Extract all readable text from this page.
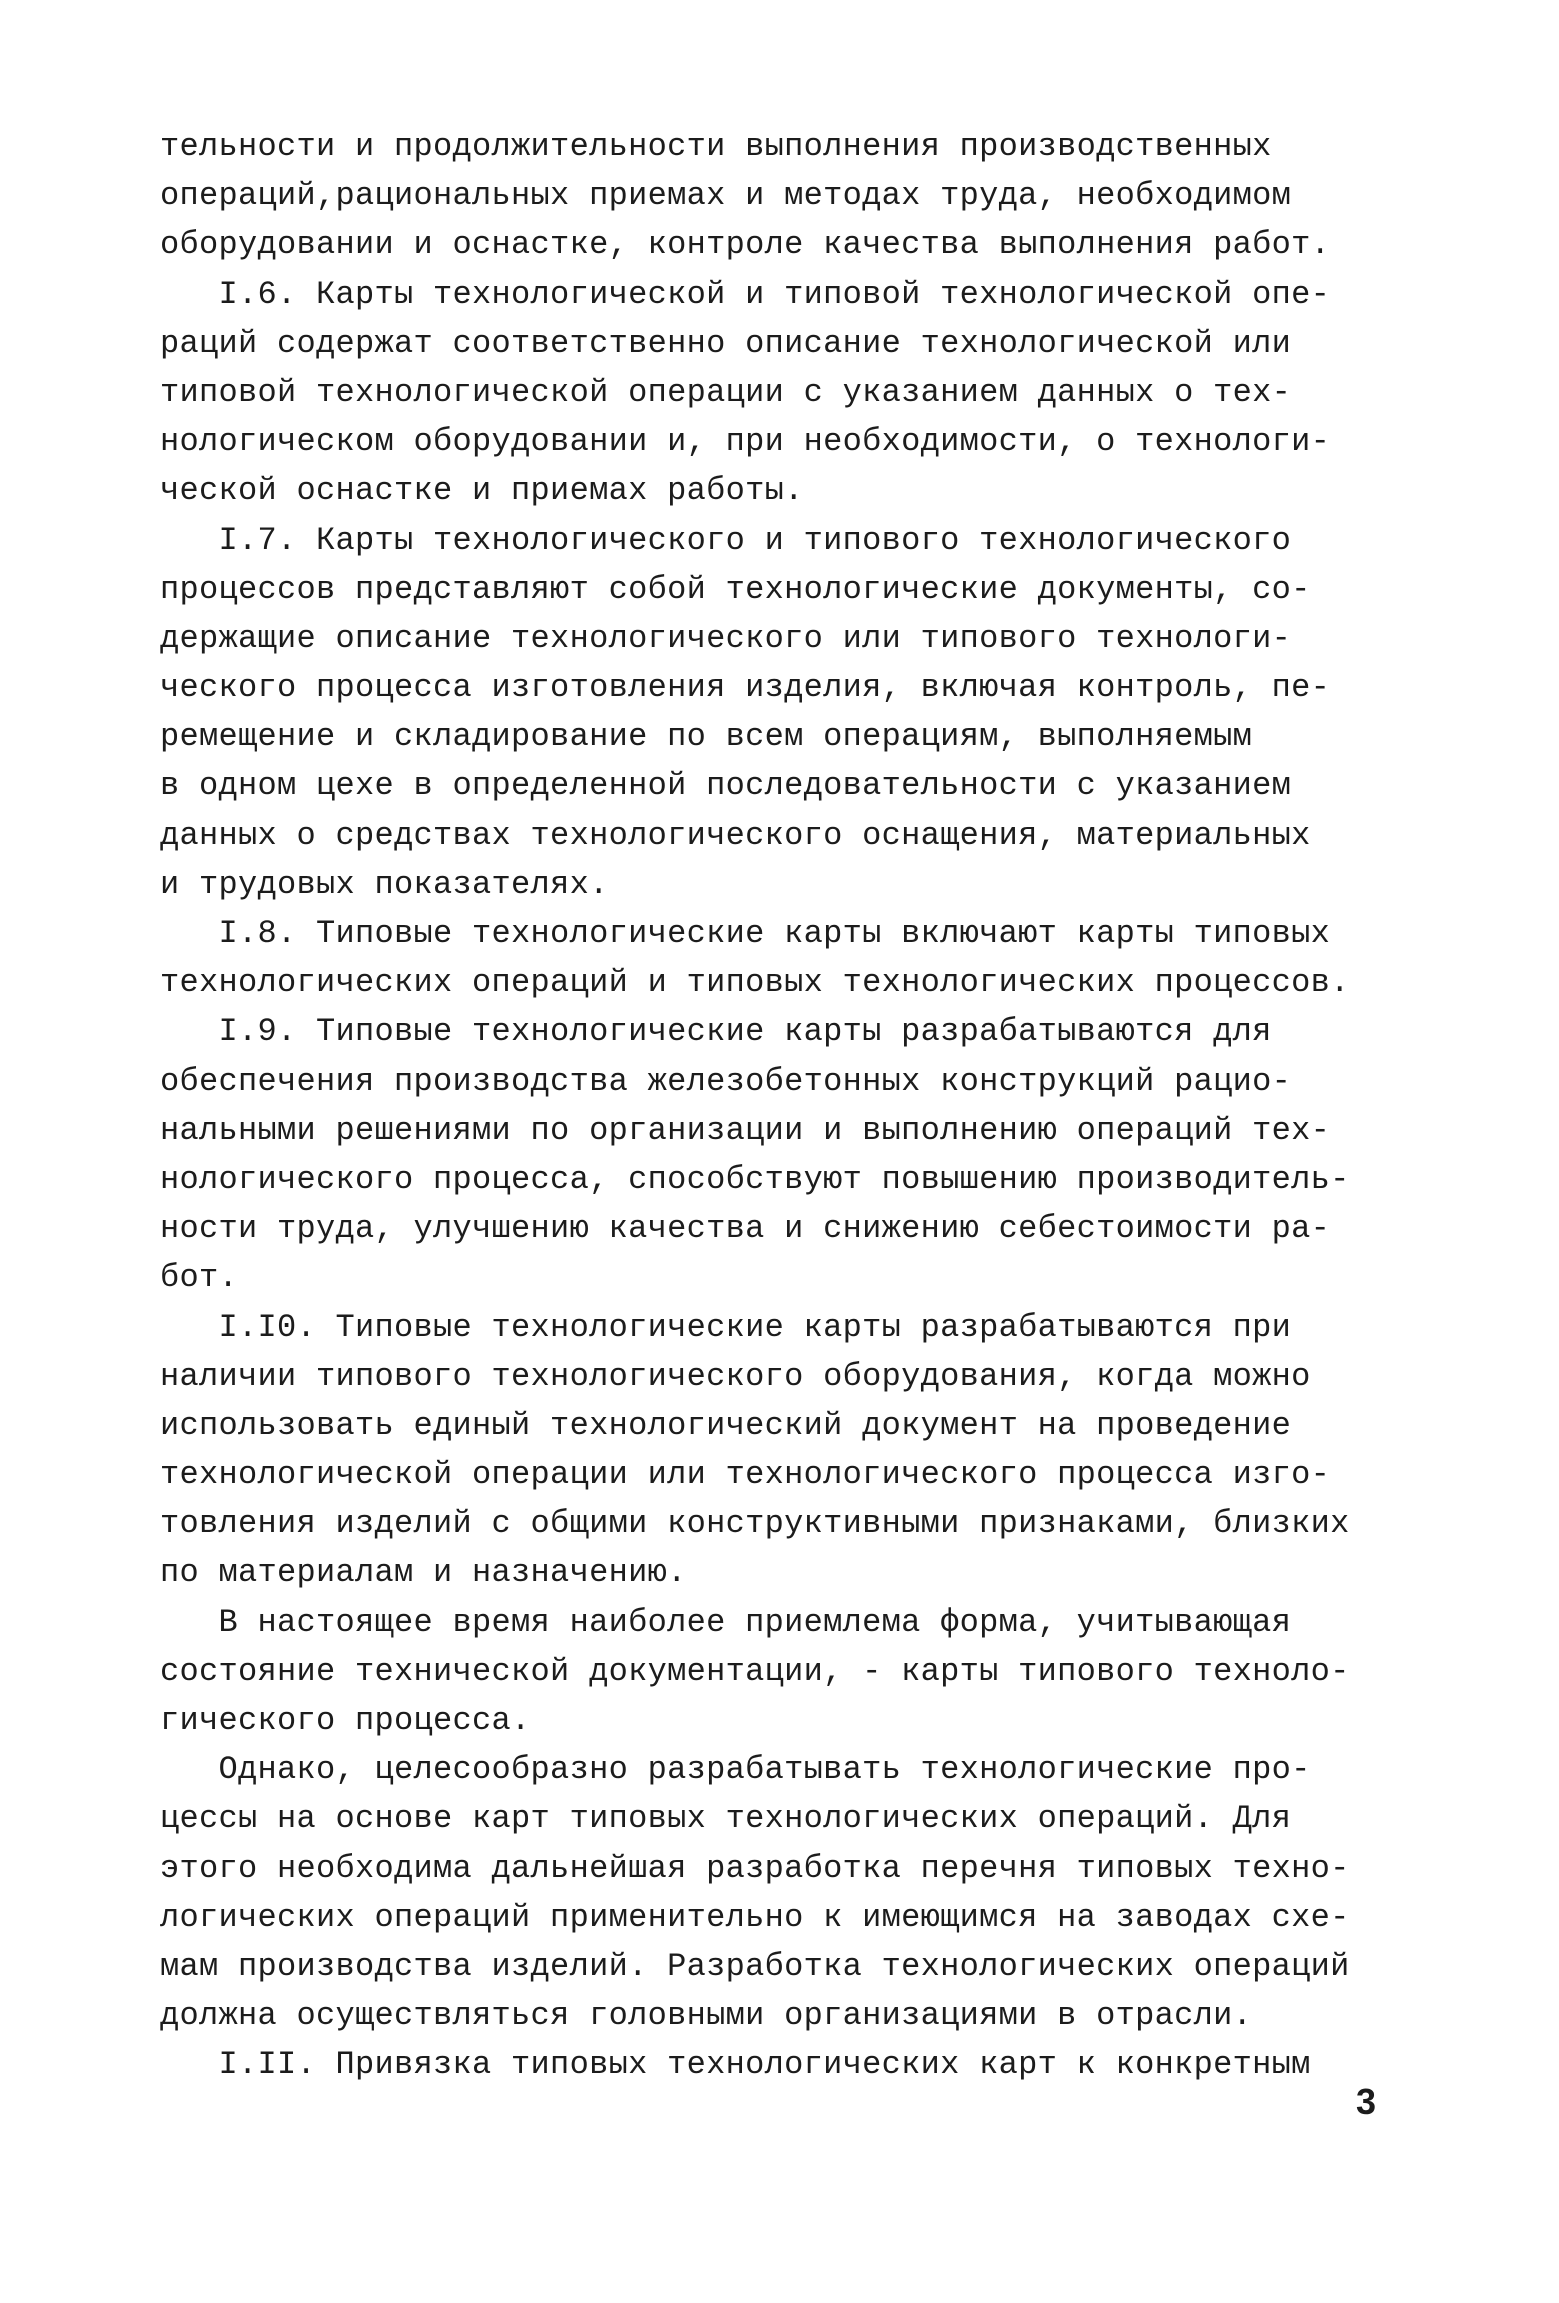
тельности и продолжительности выполнения производственных
операций,рациональных приемах и методах труда, необходимом
оборудовании и оснастке, контроле качества выполнения работ.
I.6. Карты технологической и типовой технологической опе-
раций содержат соответственно описание технологической или
типовой технологической операции с указанием данных о тех-
нологическом оборудовании и, при необходимости, о технологи-
ческой оснастке и приемах работы.
I.7. Карты технологического и типового технологического
процессов представляют собой технологические документы, со-
держащие описание технологического или типового технологи-
ческого процесса изготовления изделия, включая контроль, пе-
ремещение и складирование по всем операциям, выполняемым
в одном цехе в определенной последовательности с указанием
данных о средствах технологического оснащения, материальных
и трудовых показателях.
I.8. Типовые технологические карты включают карты типовых
технологических операций и типовых технологических процессов.
I.9. Типовые технологические карты разрабатываются для
обеспечения производства железобетонных конструкций рацио-
нальными решениями по организации и выполнению операций тех-
нологического процесса, способствуют повышению производитель-
ности труда, улучшению качества и снижению себестоимости ра-
бот.
I.I0. Типовые технологические карты разрабатываются при
наличии типового технологического оборудования, когда можно
использовать единый технологический документ на проведение
технологической операции или технологического процесса изго-
товления изделий с общими конструктивными признаками, близких
по материалам и назначению.
В настоящее время наиболее приемлема форма, учитывающая
состояние технической документации, - карты типового техноло-
гического процесса.
Однако, целесообразно разрабатывать технологические про-
цессы на основе карт типовых технологических операций. Для
этого необходима дальнейшая разработка перечня типовых техно-
логических операций применительно к имеющимся на заводах схе-
мам производства изделий. Разработка технологических операций
должна осуществляться головными организациями в отрасли.
I.II. Привязка типовых технологических карт к конкретным
3
